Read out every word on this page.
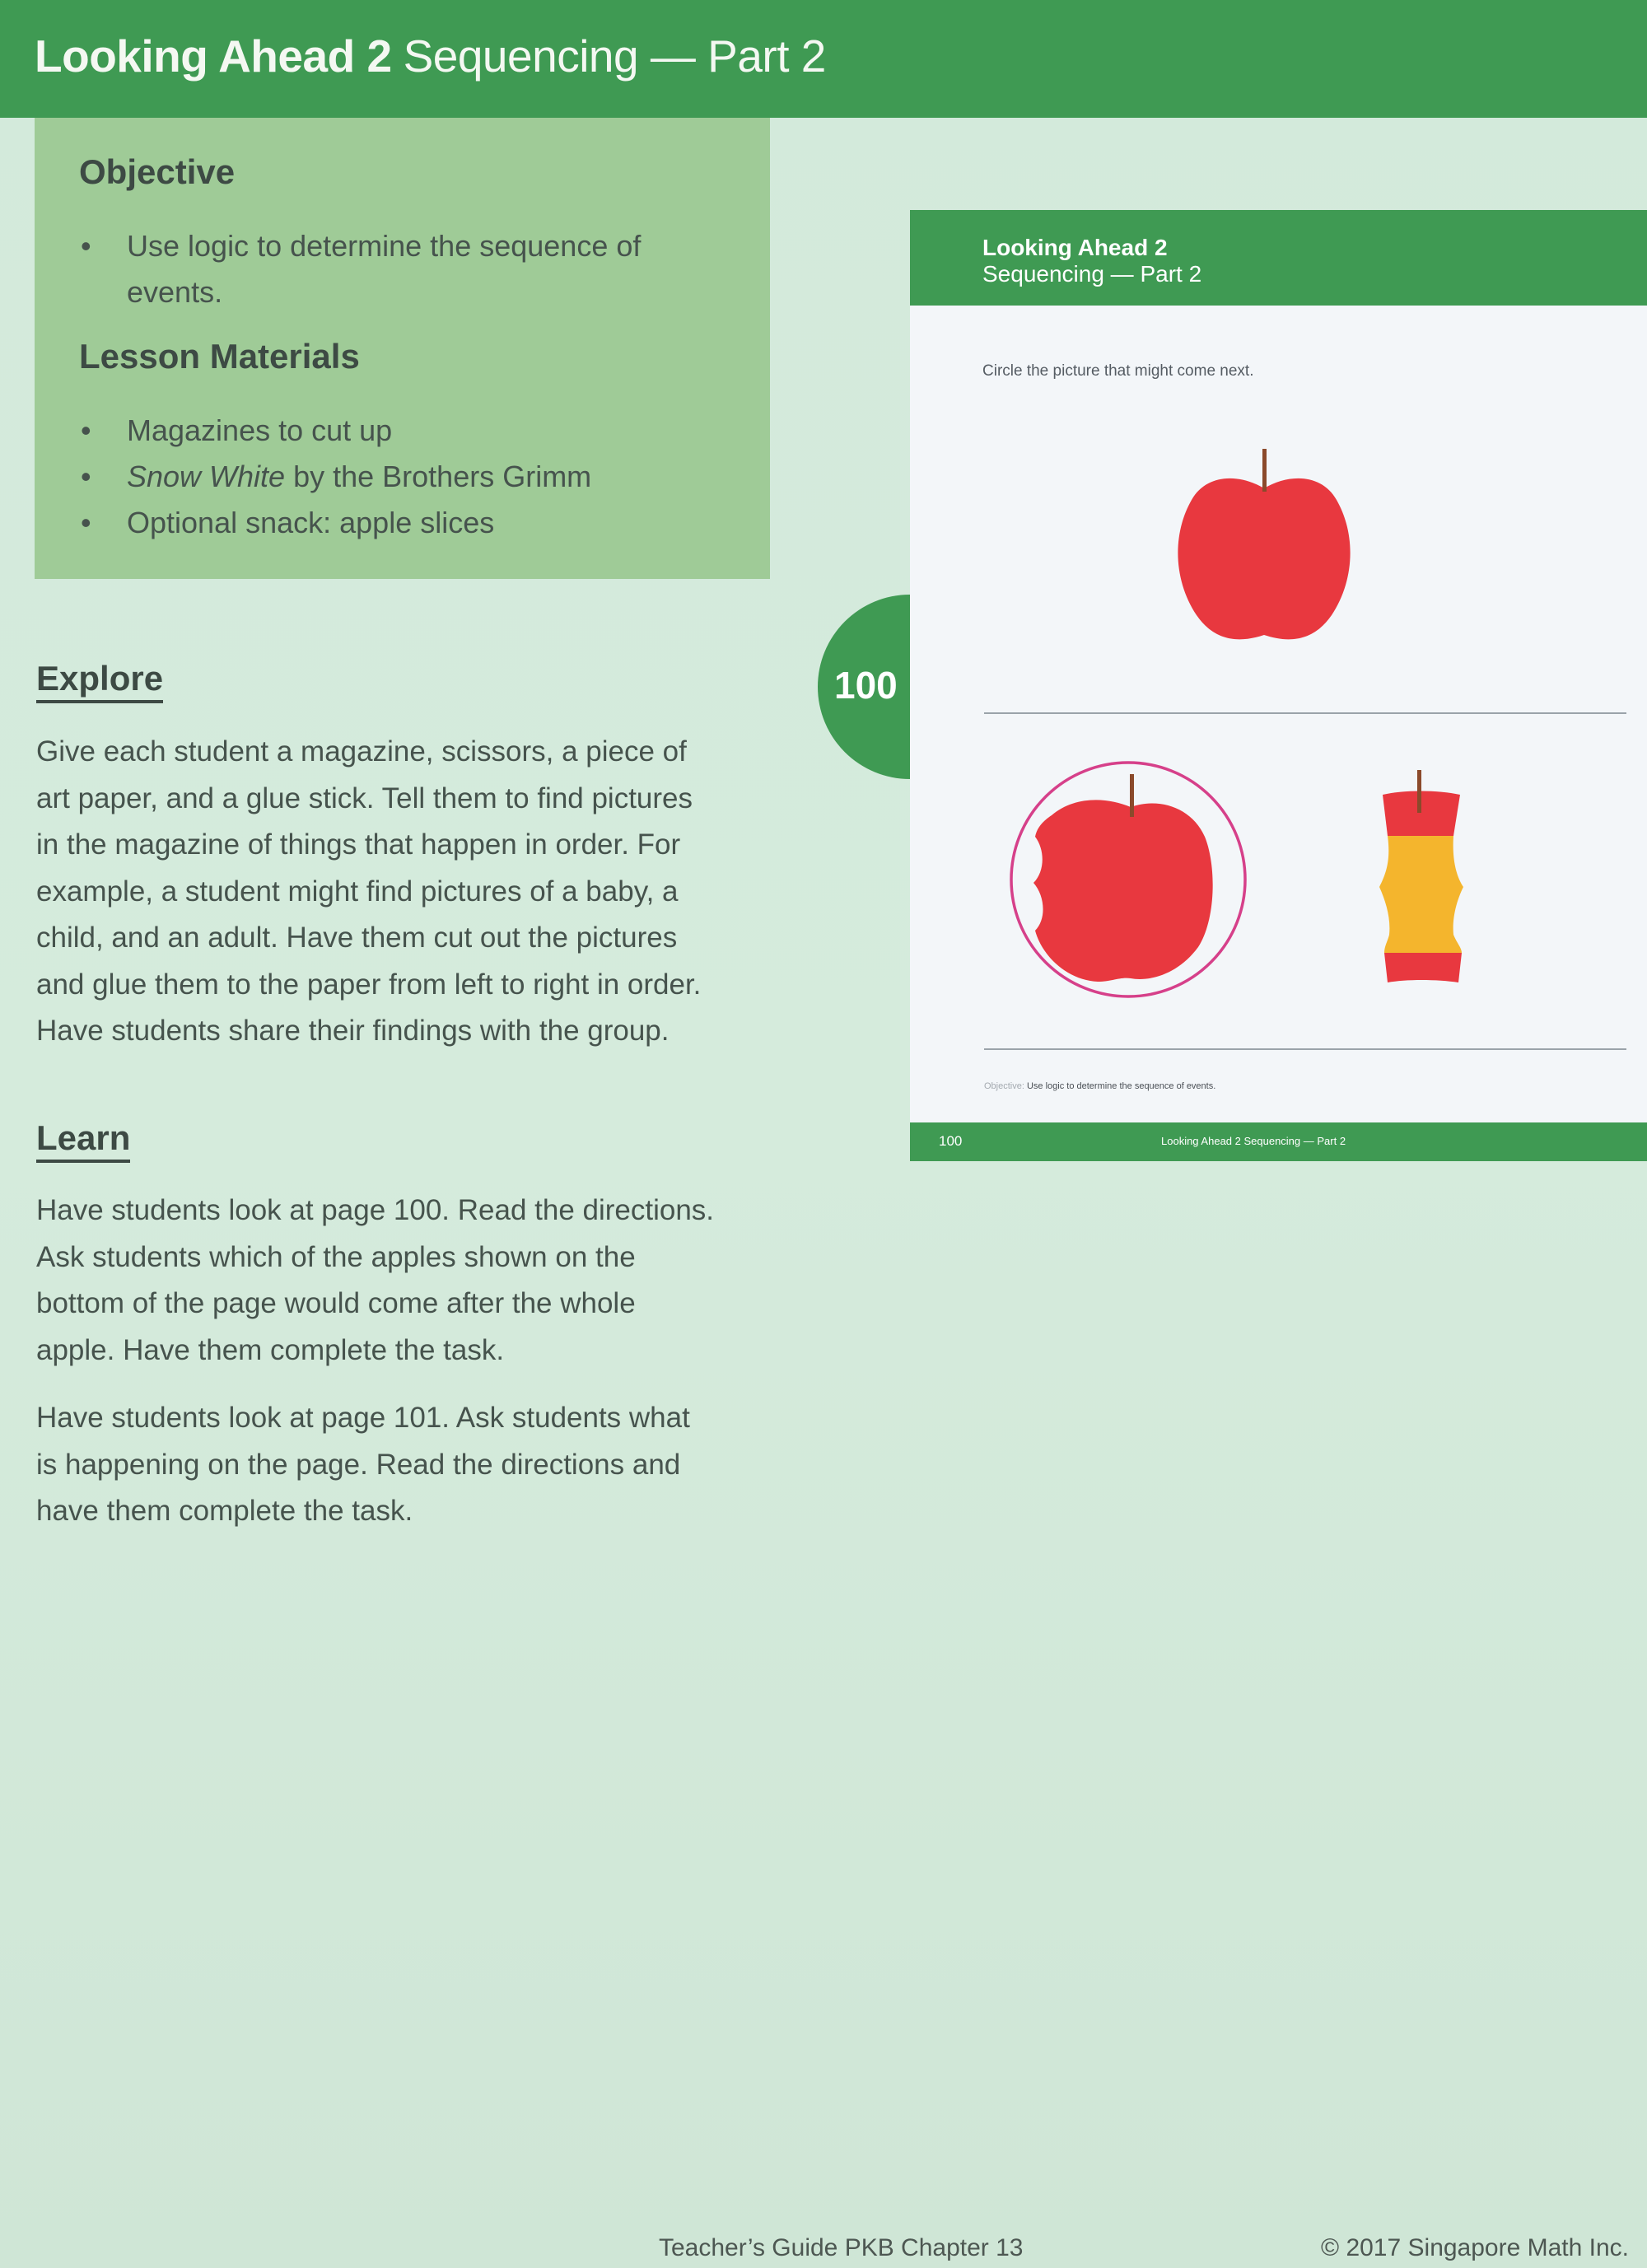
Looking Ahead 2 Sequencing — Part 2
Objective
• Use logic to determine the sequence of events.
Lesson Materials
• Magazines to cut up
• Snow White by the Brothers Grimm
• Optional snack: apple slices
Explore
Give each student a magazine, scissors, a piece of
art paper, and a glue stick. Tell them to find pictures
in the magazine of things that happen in order. For
example, a student might find pictures of a baby, a
child, and an adult. Have them cut out the pictures
and glue them to the paper from left to right in order.
Have students share their findings with the group.
Learn
Have students look at page 100. Read the directions.
Ask students which of the apples shown on the
bottom of the page would come after the whole
apple. Have them complete the task.
Have students look at page 101. Ask students what
is happening on the page. Read the directions and
have them complete the task.
100
Looking Ahead 2
Sequencing — Part 2
Circle the picture that might come next.
Objective: Use logic to determine the sequence of events.
100	Looking Ahead 2 Sequencing — Part 2
Teacher’s Guide PKB Chapter 13	© 2017 Singapore Math Inc.
